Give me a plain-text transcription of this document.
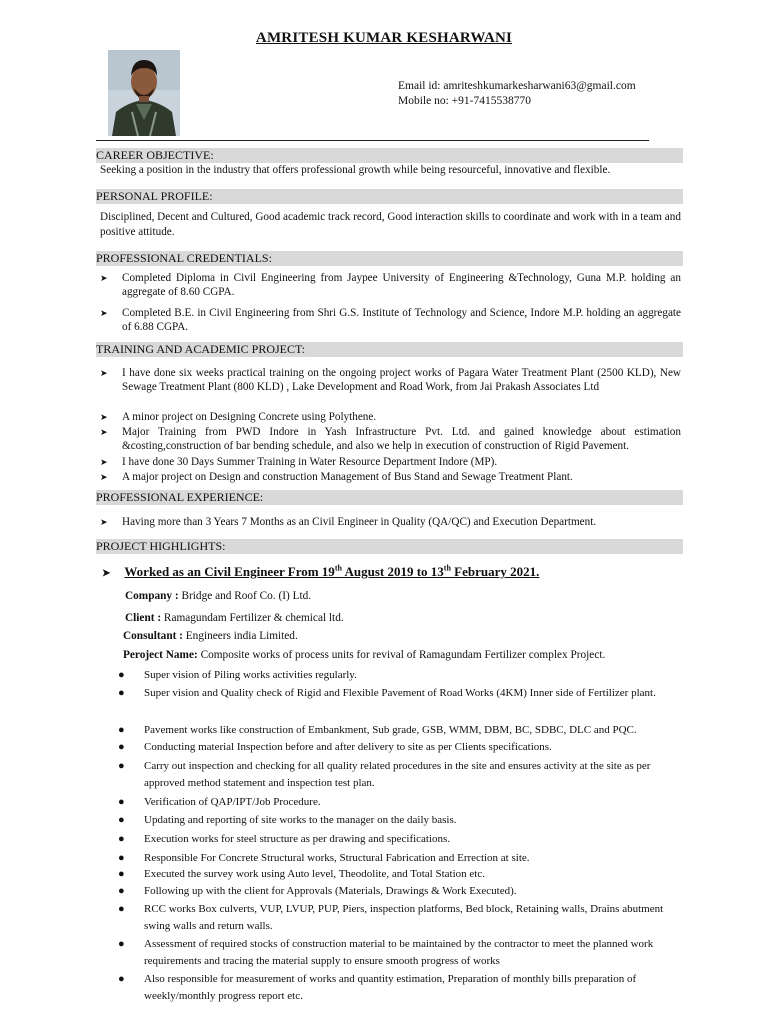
AMRITESH KUMAR KESHARWANI
Email id: amriteshkumarkesharwani63@gmail.com
Mobile no: +91-7415538770
CAREER OBJECTIVE:
Seeking a position in the industry that offers professional growth while being resourceful, innovative and flexible.
PERSONAL PROFILE:
Disciplined, Decent and Cultured, Good academic track record, Good interaction skills to coordinate and work with in a team and positive attitude.
PROFESSIONAL CREDENTIALS:
➤ Completed Diploma in Civil Engineering from Jaypee University of Engineering &Technology, Guna M.P. holding an aggregate of 8.60 CGPA.
➤ Completed B.E. in Civil Engineering from Shri G.S. Institute of Technology and Science, Indore M.P. holding an aggregate of 6.88 CGPA.
TRAINING AND ACADEMIC PROJECT:
➤ I have done six weeks practical training on the ongoing project works of Pagara Water Treatment Plant (2500 KLD), New Sewage Treatment Plant (800 KLD) , Lake Development and Road Work, from Jai Prakash Associates Ltd
➤ A minor project on Designing Concrete using Polythene.
➤ Major Training from PWD Indore in Yash Infrastructure Pvt. Ltd. and gained knowledge about estimation &costing,construction of bar bending schedule, and also we help in execution of construction of Rigid Pavement.
➤ I have done 30 Days Summer Training in Water Resource Department Indore (MP).
➤ A major project on Design and construction Management of Bus Stand and Sewage Treatment Plant.
PROFESSIONAL EXPERIENCE:
➤ Having more than 3 Years 7 Months as an Civil Engineer in Quality (QA/QC) and Execution Department.
PROJECT HIGHLIGHTS:
➤ Worked as an Civil Engineer From 19th August 2019 to 13th February 2021.
Company : Bridge and Roof Co. (I) Ltd.
Client : Ramagundam Fertilizer & chemical ltd.
Consultant : Engineers india Limited.
Peroject Name: Composite works of process units for revival of Ramagundam Fertilizer complex Project.
● Super vision of Piling works activities regularly.
● Super vision and Quality check of Rigid and Flexible Pavement of Road Works (4KM) Inner side of Fertilizer plant.
● Pavement works like construction of Embankment, Sub grade, GSB, WMM, DBM, BC, SDBC, DLC and PQC.
● Conducting material Inspection before and after delivery to site as per Clients specifications.
● Carry out inspection and checking for all quality related procedures in the site and ensures activity at the site as per approved method statement and inspection test plan.
● Verification of QAP/IPT/Job Procedure.
● Updating and reporting of site works to the manager on the daily basis.
● Execution works for steel structure as per drawing and specifications.
● Responsible For Concrete Structural works, Structural Fabrication and Errection at site.
● Executed the survey work using Auto level, Theodolite, and Total Station etc.
● Following up with the client for Approvals (Materials, Drawings & Work Executed).
● RCC works Box culverts, VUP, LVUP, PUP, Piers, inspection platforms, Bed block, Retaining walls, Drains abutment swing walls and return walls.
● Assessment of required stocks of construction material to be maintained by the contractor to meet the planned work requirements and tracing the material supply to ensure smooth progress of works
● Also responsible for measurement of works and quantity estimation, Preparation of monthly bills preparation of weekly/monthly progress report etc.
